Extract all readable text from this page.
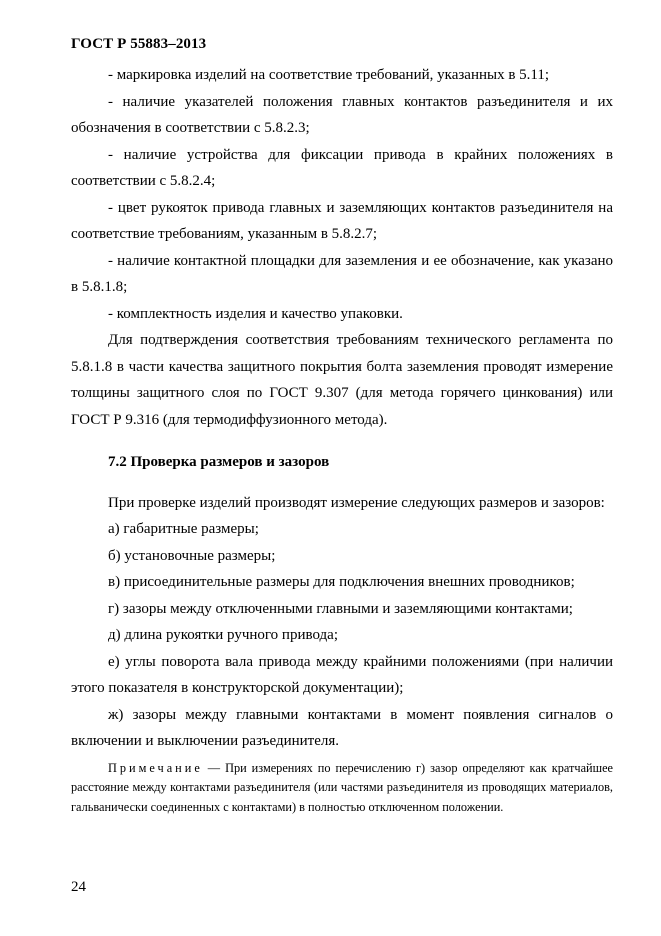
ГОСТ Р 55883–2013

- маркировка изделий на соответствие требований, указанных в 5.11;

- наличие указателей положения главных контактов разъединителя и их обозначения в соответствии с 5.8.2.3;

- наличие устройства для фиксации привода в крайних положениях в соответствии с 5.8.2.4;

- цвет рукояток привода главных и заземляющих контактов разъединителя на соответствие требованиям, указанным в 5.8.2.7;

- наличие контактной площадки для заземления и ее обозначение, как указано в 5.8.1.8;

- комплектность изделия и качество упаковки.

Для подтверждения соответствия требованиям технического регламента по 5.8.1.8 в части качества защитного покрытия болта заземления проводят измерение толщины защитного слоя по ГОСТ 9.307 (для метода горячего цинкования) или ГОСТ Р 9.316 (для термодиффузионного метода).

7.2 Проверка размеров и зазоров

При проверке изделий производят измерение следующих размеров и зазоров:

а) габаритные размеры;

б) установочные размеры;

в) присоединительные размеры для подключения внешних проводников;

г) зазоры между отключенными главными и заземляющими контактами;

д) длина рукоятки ручного привода;

е) углы поворота вала привода между крайними положениями (при наличии этого показателя в конструкторской документации);

ж) зазоры между главными контактами в момент появления сигналов о включении и выключении разъединителя.

Примечание — При измерениях по перечислению г) зазор определяют как кратчайшее расстояние между контактами разъединителя (или частями разъединителя из проводящих материалов, гальванически соединенных с контактами) в полностью отключенном положении.

24
